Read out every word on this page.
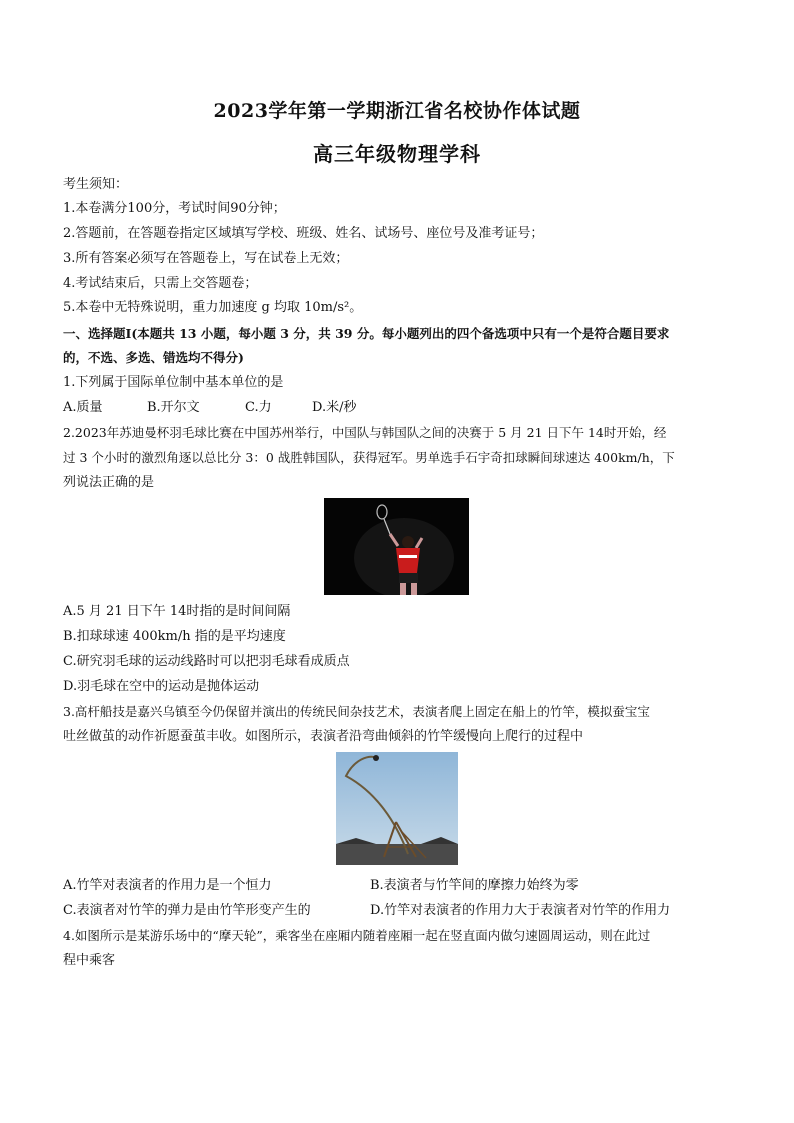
2023学年第一学期浙江省名校协作体试题
高三年级物理学科
考生须知：
1.本卷满分100分，考试时间90分钟；
2.答题前，在答题卷指定区域填写学校、班级、姓名、试场号、座位号及准考证号；
3.所有答案必须写在答题卷上，写在试卷上无效；
4.考试结束后，只需上交答题卷；
5.本卷中无特殊说明，重力加速度 g 均取 10m/s²。
一、选择题Ⅰ(本题共 13 小题，每小题 3 分，共 39 分。每小题列出的四个备选项中只有一个是符合题目要求
的，不选、多选、错选均不得分)
1.下列属于国际单位制中基本单位的是
A.质量	B.开尔文	C.力	D.米/秒
2.2023年苏迪曼杯羽毛球比赛在中国苏州举行，中国队与韩国队之间的决赛于 5 月 21 日下午 14时开始，经
过 3 个小时的激烈角逐以总比分 3：0 战胜韩国队，获得冠军。男单选手石宇奇扣球瞬间球速达 400km/h，下
列说法正确的是
A.5 月 21 日下午 14时指的是时间间隔
B.扣球球速 400km/h 指的是平均速度
C.研究羽毛球的运动线路时可以把羽毛球看成质点
D.羽毛球在空中的运动是抛体运动
3.高杆船技是嘉兴乌镇至今仍保留并演出的传统民间杂技艺术，表演者爬上固定在船上的竹竿，模拟蚕宝宝
吐丝做茧的动作祈愿蚕茧丰收。如图所示，表演者沿弯曲倾斜的竹竿缓慢向上爬行的过程中
A.竹竿对表演者的作用力是一个恒力	B.表演者与竹竿间的摩擦力始终为零
C.表演者对竹竿的弹力是由竹竿形变产生的	D.竹竿对表演者的作用力大于表演者对竹竿的作用力
4.如图所示是某游乐场中的“摩天轮”，乘客坐在座厢内随着座厢一起在竖直面内做匀速圆周运动，则在此过
程中乘客
